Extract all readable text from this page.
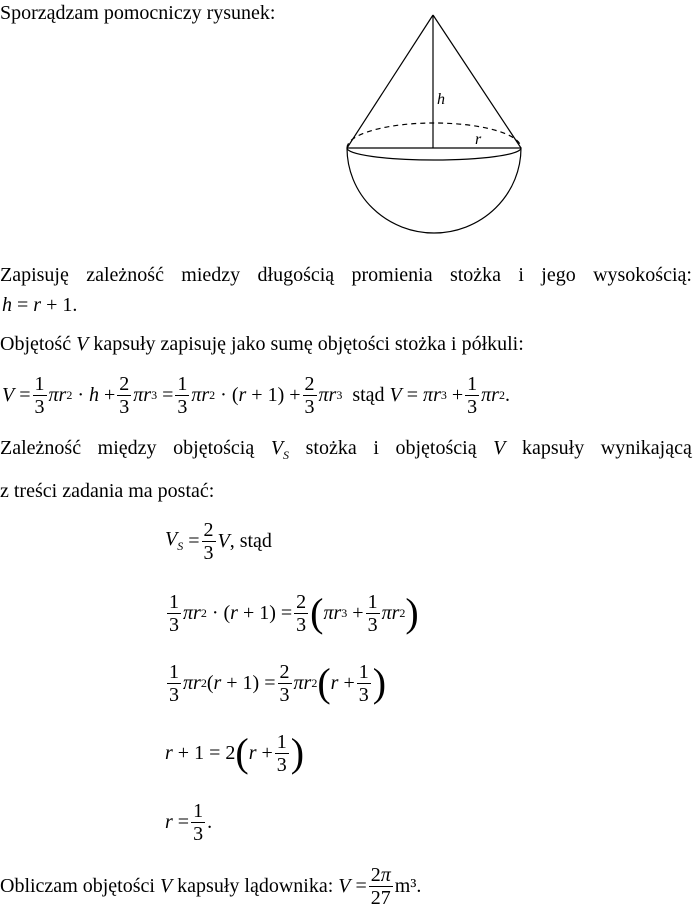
Sporządzam pomocniczy rysunek:
h
r
Zapisuję zależność miedzy długością promienia stożka i jego wysokością:
h = r + 1.
Objętość V kapsuły zapisuję jako sumę objętości stożka i półkuli:
V = 1
3
πr 2 · h + 2
3
πr 3 = 1
3
πr 2 · ( r + 1) + 2
3
πr 3
stąd
V = πr 3 + 1
3
πr 2 .
Zależność między objętością $V_S$ stożka i objętością V kapsuły wynikającą
z treści zadania ma postać:
$V_S = 2$
3
V , stąd
1
3
πr 2 · ( r + 1) = 2
3 ( πr 3 + 1
3
πr 2 )
1
3
πr 2 ( r + 1) = 2
3
πr 2 ( r + 1
3 )
r + 1 = 2 ( r + 1
3 )
r = 1
3
.
Obliczam objętości V kapsuły lądownika:
V = 2π
27
m³ .
